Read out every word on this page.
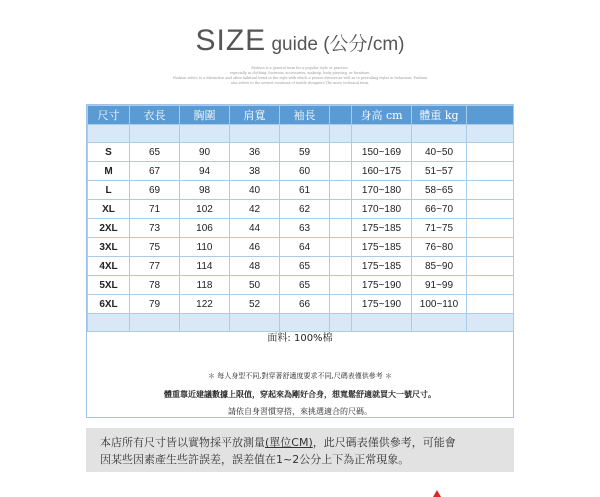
SIZE guide (公分/cm)
Fashion is a general term for a popular style or practice,
especially in clothing, footwear, accessories, makeup, body piercing, or furniture.
Fashion refers to a distinctive and often habitual trend in the style with which a person dresses as well as to prevailing styles in behaviour. Fashion
also refers to the newest creations of textile designers.The more technical term,
尺寸	衣長	胸圍	肩寬	袖長		身高 cm	體重 kg	

S	65	90	36	59		150~169	40~50	
M	67	94	38	60		160~175	51~57	
L	69	98	40	61		170~180	58~65	
XL	71	102	42	62		170~180	66~70	
2XL	73	106	44	63		175~185	71~75	
3XL	75	110	46	64		175~185	76~80	
4XL	77	114	48	65		175~185	85~90	
5XL	78	118	50	65		175~190	91~99	
6XL	79	122	52	66		175~190	100~110	

面料: 100%棉
＊ 每人身型不同,對穿著舒適度要求不同,尺碼表僅供參考 ＊
體重靠近建議數據上限值，穿起來為剛好合身，想寬鬆舒適就買大一號尺寸。
請依自身習慣穿搭，來挑選適合的尺碼。
本店所有尺寸皆以實物採平放測量(單位CM)，此尺碼表僅供參考，可能會
因某些因素產生些許誤差，誤差值在1~2公分上下為正常現象。
